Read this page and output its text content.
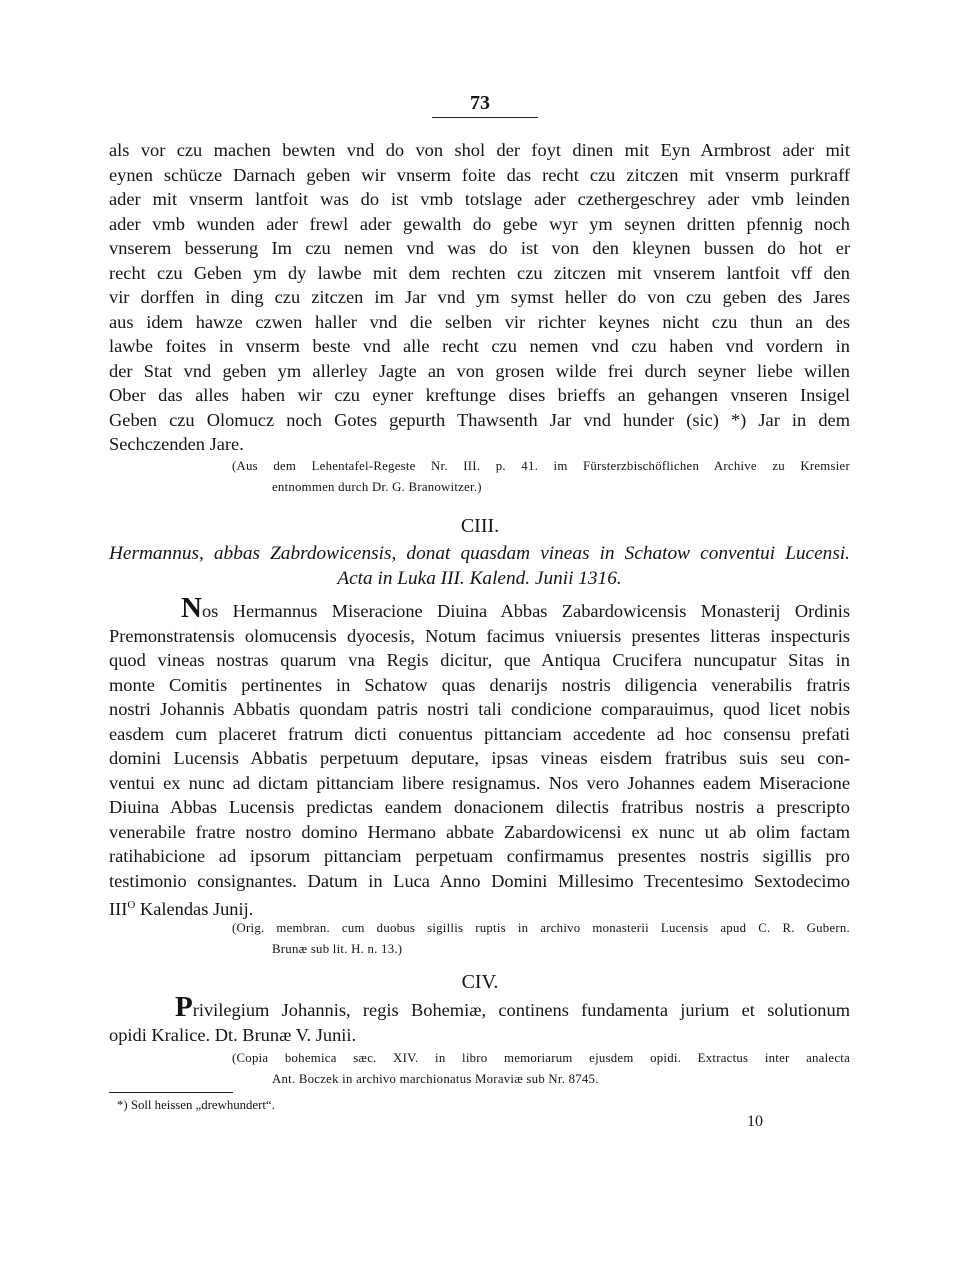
73
als vor czu machen bewten vnd do von shol der foyt dinen mit Eyn Armbrost ader mit
eynen schücze Darnach geben wir vnserm foite das recht czu zitczen mit vnserm purkraff
ader mit vnserm lantfoit was do ist vmb totslage ader czethergeschrey ader vmb leinden
ader vmb wunden ader frewl ader gewalth do gebe wyr ym seynen dritten pfennig noch
vnserem besserung Im czu nemen vnd was do ist von den kleynen bussen do hot er
recht czu Geben ym dy lawbe mit dem rechten czu zitczen mit vnserem lantfoit vff den
vir dorffen in ding czu zitczen im Jar vnd ym symst heller do von czu geben des Jares
aus idem hawze czwen haller vnd die selben vir richter keynes nicht czu thun an des
lawbe foites in vnserm beste vnd alle recht czu nemen vnd czu haben vnd vordern in
der Stat vnd geben ym allerley Jagte an von grosen wilde frei durch seyner liebe willen
Ober das alles haben wir czu eyner kreftunge dises brieffs an gehangen vnseren Insigel
Geben czu Olomucz noch Gotes gepurth Thawsenth Jar vnd hunder (sic) *) Jar in dem
Sechczenden Jare.
(Aus dem Lehentafel-Regeste Nr. III. p. 41. im Fürsterzbischöflichen Archive zu Kremsier
entnommen durch Dr. G. Branowitzer.)
CIII.
Hermannus, abbas Zabrdowicensis, donat quasdam vineas in Schatow conventui Lucensi.
Acta in Luka III. Kalend. Junii 1316.
Nos Hermannus Miseracione Diuina Abbas Zabardowicensis Monasterij Ordinis
Premonstratensis olomucensis dyocesis, Notum facimus vniuersis presentes litteras inspecturis
quod vineas nostras quarum vna Regis dicitur, que Antiqua Crucifera nuncupatur Sitas in
monte Comitis pertinentes in Schatow quas denarijs nostris diligencia venerabilis fratris
nostri Johannis Abbatis quondam patris nostri tali condicione comparauimus, quod licet nobis
easdem cum placeret fratrum dicti conuentus pittanciam accedente ad hoc consensu prefati
domini Lucensis Abbatis perpetuum deputare, ipsas vineas eisdem fratribus suis seu con-
ventui ex nunc ad dictam pittanciam libere resignamus. Nos vero Johannes eadem Miseracione
Diuina Abbas Lucensis predictas eandem donacionem dilectis fratribus nostris a prescripto
venerabile fratre nostro domino Hermano abbate Zabardowicensi ex nunc ut ab olim factam
ratihabicione ad ipsorum pittanciam perpetuam confirmamus presentes nostris sigillis pro
testimonio consignantes. Datum in Luca Anno Domini Millesimo Trecentesimo Sextodecimo
$III^O$ Kalendas Junij.
(Orig. membran. cum duobus sigillis ruptis in archivo monasterii Lucensis apud C. R. Gubern.
Brunæ sub lit. H. n. 13.)
CIV.
Privilegium Johannis, regis Bohemiæ, continens fundamenta jurium et solutionum
opidi Kralice. Dt. Brunæ V. Junii.
(Copia bohemica sæc. XIV. in libro memoriarum ejusdem opidi. Extractus inter analecta
Ant. Boczek in archivo marchionatus Moraviæ sub Nr. 8745.
*) Soll heissen „drewhundert“.
10
